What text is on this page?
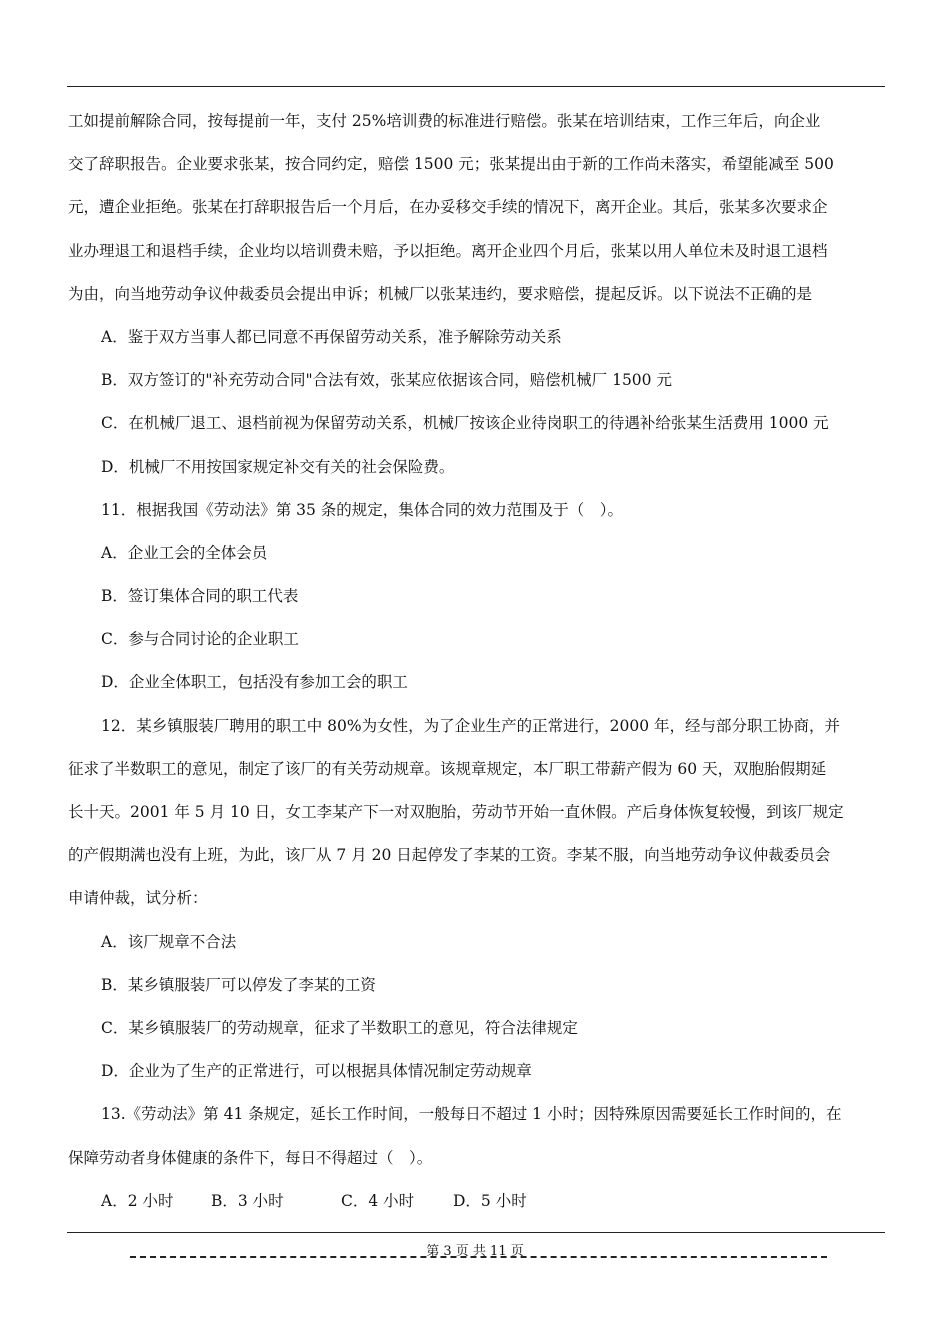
工如提前解除合同，按每提前一年，支付 25%培训费的标准进行赔偿。张某在培训结束，工作三年后，向企业
交了辞职报告。企业要求张某，按合同约定，赔偿 1500 元；张某提出由于新的工作尚未落实，希望能减至 500
元，遭企业拒绝。张某在打辞职报告后一个月后，在办妥移交手续的情况下，离开企业。其后，张某多次要求企
业办理退工和退档手续，企业均以培训费未赔，予以拒绝。离开企业四个月后，张某以用人单位未及时退工退档
为由，向当地劳动争议仲裁委员会提出申诉；机械厂以张某违约，要求赔偿，提起反诉。以下说法不正确的是
A．鉴于双方当事人都已同意不再保留劳动关系，准予解除劳动关系
B．双方签订的"补充劳动合同"合法有效，张某应依据该合同，赔偿机械厂 1500 元
C．在机械厂退工、退档前视为保留劳动关系，机械厂按该企业待岗职工的待遇补给张某生活费用 1000 元
D．机械厂不用按国家规定补交有关的社会保险费。
11．根据我国《劳动法》第 35 条的规定，集体合同的效力范围及于（　）。
A．企业工会的全体会员
B．签订集体合同的职工代表
C．参与合同讨论的企业职工
D．企业全体职工，包括没有参加工会的职工
12．某乡镇服装厂聘用的职工中 80%为女性，为了企业生产的正常进行，2000 年，经与部分职工协商，并
征求了半数职工的意见，制定了该厂的有关劳动规章。该规章规定，本厂职工带薪产假为 60 天，双胞胎假期延
长十天。2001 年 5 月 10 日，女工李某产下一对双胞胎，劳动节开始一直休假。产后身体恢复较慢，到该厂规定
的产假期满也没有上班，为此，该厂从 7 月 20 日起停发了李某的工资。李某不服，向当地劳动争议仲裁委员会
申请仲裁，试分析：
A．该厂规章不合法
B．某乡镇服装厂可以停发了李某的工资
C．某乡镇服装厂的劳动规章，征求了半数职工的意见，符合法律规定
D．企业为了生产的正常进行，可以根据具体情况制定劳动规章
13.《劳动法》第 41 条规定，延长工作时间，一般每日不超过 1 小时；因特殊原因需要延长工作时间的，在
保障劳动者身体健康的条件下，每日不得超过（　）。
A．2 小时	B．3 小时	C．4 小时	D．5 小时
第 3 页 共 11 页
